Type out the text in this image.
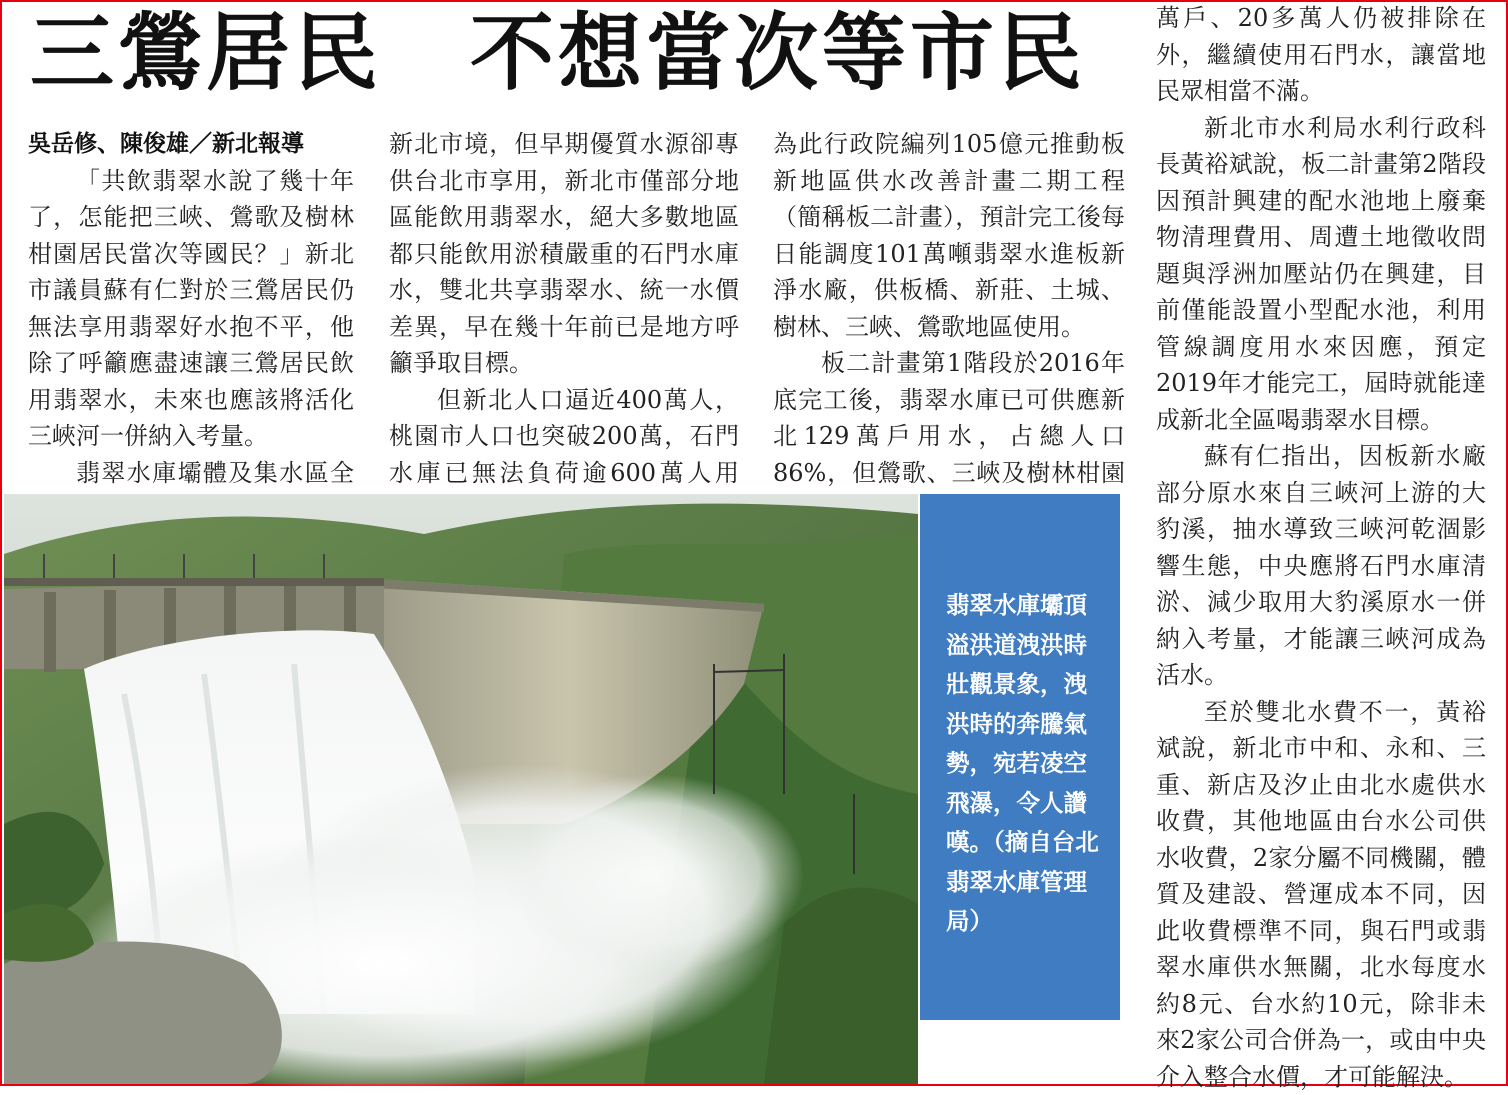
三鶯居民　不想當次等市民

吳岳修、陳俊雄／新北報導

「共飲翡翠水說了幾十年了，怎能把三峽、鶯歌及樹林柑園居民當次等國民？」新北市議員蘇有仁對於三鶯居民仍無法享用翡翠好水抱不平，他除了呼籲應盡速讓三鶯居民飲用翡翠水，未來也應該將活化三峽河一併納入考量。

翡翠水庫壩體及集水區全

新北市境，但早期優質水源卻專供台北市享用，新北市僅部分地區能飲用翡翠水，絕大多數地區都只能飲用淤積嚴重的石門水庫水，雙北共享翡翠水、統一水價差異，早在幾十年前已是地方呼籲爭取目標。

但新北人口逼近400萬人，桃園市人口也突破200萬，石門水庫已無法負荷逾600萬人用

為此行政院編列105億元推動板新地區供水改善計畫二期工程（簡稱板二計畫），預計完工後每日能調度101萬噸翡翠水進板新淨水廠，供板橋、新莊、土城、樹林、三峽、鶯歌地區使用。

板二計畫第1階段於2016年底完工後，翡翠水庫已可供應新北129萬戶用水，占總人口86%，但鶯歌、三峽及樹林柑園

萬戶、20多萬人仍被排除在外，繼續使用石門水，讓當地民眾相當不滿。

新北市水利局水利行政科長黃裕斌說，板二計畫第2階段因預計興建的配水池地上廢棄物清理費用、周遭土地徵收問題與浮洲加壓站仍在興建，目前僅能設置小型配水池，利用管線調度用水來因應，預定2019年才能完工，屆時就能達成新北全區喝翡翠水目標。

蘇有仁指出，因板新水廠部分原水來自三峽河上游的大豹溪，抽水導致三峽河乾涸影響生態，中央應將石門水庫清淤、減少取用大豹溪原水一併納入考量，才能讓三峽河成為活水。

至於雙北水費不一，黃裕斌說，新北市中和、永和、三重、新店及汐止由北水處供水收費，其他地區由台水公司供水收費，2家分屬不同機關，體質及建設、營運成本不同，因此收費標準不同，與石門或翡翠水庫供水無關，北水每度水約8元、台水約10元，除非未來2家公司合併為一，或由中央介入整合水價，才可能解決。

翡翠水庫壩頂溢洪道洩洪時壯觀景象，洩洪時的奔騰氣勢，宛若凌空飛瀑，令人讚嘆。（摘自台北翡翠水庫管理局）
